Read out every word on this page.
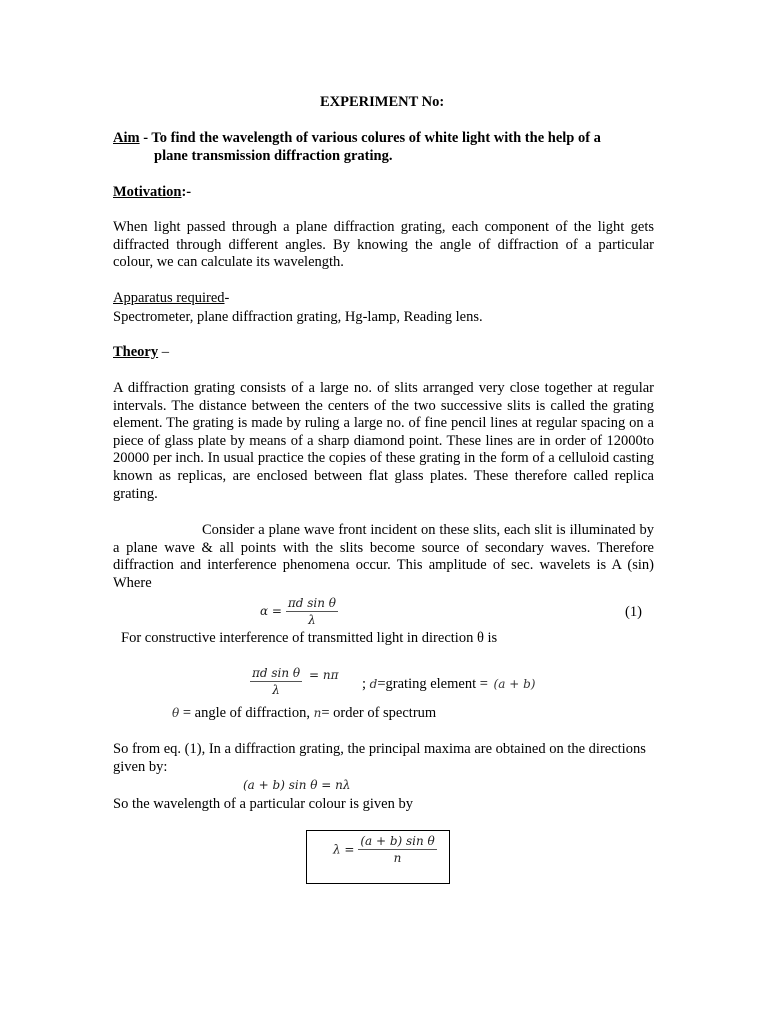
EXPERIMENT No:
Aim - To find the wavelength of various colures of white light with the help of a
plane transmission diffraction grating.
Motivation:-
When light passed through a plane diffraction grating, each component of the light gets diffracted through different angles. By knowing the angle of diffraction of a particular colour, we can calculate its wavelength.
Apparatus required-
Spectrometer, plane diffraction grating, Hg-lamp, Reading lens.
Theory –
A diffraction grating consists of a large no. of slits arranged very close together at regular intervals. The distance between the centers of the two successive slits is called the grating element. The grating is made by ruling a large no. of fine pencil lines at regular spacing on a piece of glass plate by means of a sharp diamond point. These lines are in order of 12000to 20000 per inch. In usual practice the copies of these grating in the form of a celluloid casting known as replicas, are enclosed between flat glass plates. These therefore called replica grating.
Consider a plane wave front incident on these slits, each slit is illuminated by a plane wave & all points with the slits become source of secondary waves. Therefore diffraction and interference phenomena occur. This amplitude of sec. wavelets is A (sin) Where
$\alpha = \frac{\text{πd sin θ}}{\lambda}$	(1)
For constructive interference of transmitted light in direction θ is
$\frac{\text{πd sin θ}}{\lambda} = n\pi$
; d=grating element = (a + b)
θ = angle of diffraction, n= order of spectrum
So from eq. (1), In a diffraction grating, the principal maxima are obtained on the directions given by:
(a + b) sin θ = nλ
So the wavelength of a particular colour is given by
$\lambda = \frac{\text{(a + b) sin θ}}{n}$
